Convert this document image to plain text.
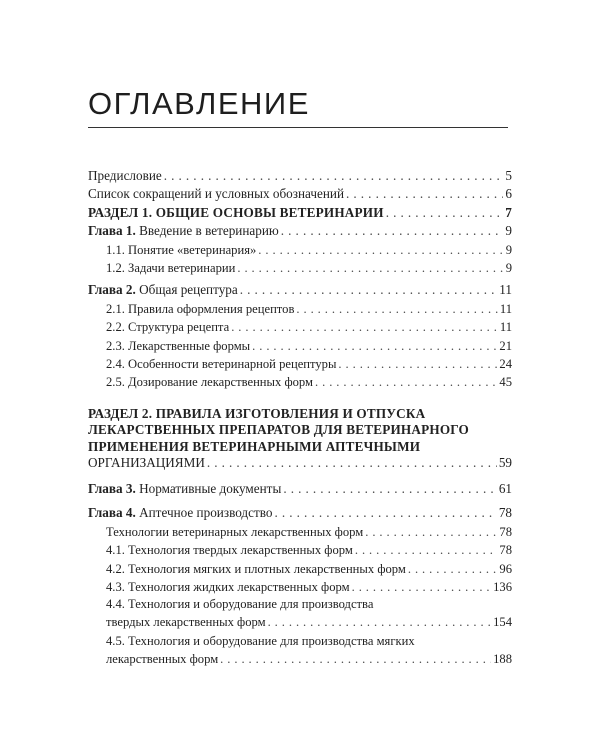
ОГЛАВЛЕНИЕ
Предисловие . . .	5
Список сокращений и условных обозначений . . .	6
РАЗДЕЛ 1. ОБЩИЕ ОСНОВЫ ВЕТЕРИНАРИИ . . .	7
Глава 1. Введение в ветеринарию . . .	9
1.1. Понятие «ветеринария» . . .	9
1.2. Задачи ветеринарии . . .	9
Глава 2. Общая рецептура . . .	11
2.1. Правила оформления рецептов . . .	11
2.2. Структура рецепта . . .	11
2.3. Лекарственные формы . . .	21
2.4. Особенности ветеринарной рецептуры . . .	24
2.5. Дозирование лекарственных форм . . .	45
РАЗДЕЛ 2. ПРАВИЛА ИЗГОТОВЛЕНИЯ И ОТПУСКА
ЛЕКАРСТВЕННЫХ ПРЕПАРАТОВ ДЛЯ ВЕТЕРИНАРНОГО
ПРИМЕНЕНИЯ ВЕТЕРИНАРНЫМИ АПТЕЧНЫМИ
ОРГАНИЗАЦИЯМИ . . .	59
Глава 3. Нормативные документы . . .	61
Глава 4. Аптечное производство . . .	78
Технологии ветеринарных лекарственных форм . . .	78
4.1. Технология твердых лекарственных форм . . .	78
4.2. Технология мягких и плотных лекарственных форм . . .	96
4.3. Технология жидких лекарственных форм . . .	136
4.4. Технология и оборудование для производства
твердых лекарственных форм . . .	154
4.5. Технология и оборудование для производства мягких
лекарственных форм . . .	188
